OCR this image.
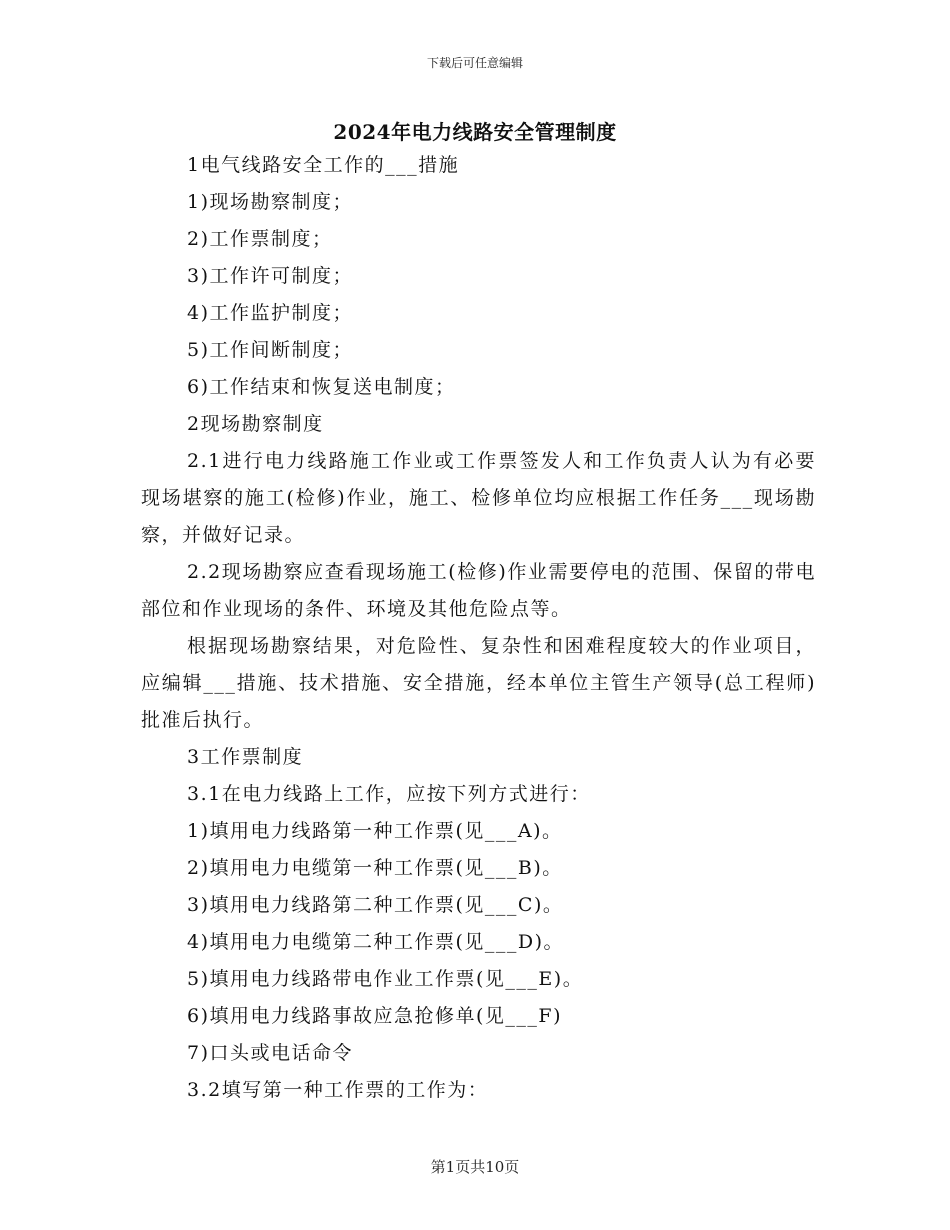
下载后可任意编辑
2024年电力线路安全管理制度

1电气线路安全工作的___措施

1)现场勘察制度；

2)工作票制度；

3)工作许可制度；

4)工作监护制度；

5)工作间断制度；

6)工作结束和恢复送电制度；

2现场勘察制度

2.1进行电力线路施工作业或工作票签发人和工作负责人认为有必要现场堪察的施工(检修)作业，施工、检修单位均应根据工作任务___现场勘察，并做好记录。

2.2现场勘察应查看现场施工(检修)作业需要停电的范围、保留的带电部位和作业现场的条件、环境及其他危险点等。

根据现场勘察结果，对危险性、复杂性和困难程度较大的作业项目，应编辑___措施、技术措施、安全措施，经本单位主管生产领导(总工程师)批准后执行。

3工作票制度

3.1在电力线路上工作，应按下列方式进行：

1)填用电力线路第一种工作票(见___A)。

2)填用电力电缆第一种工作票(见___B)。

3)填用电力线路第二种工作票(见___C)。

4)填用电力电缆第二种工作票(见___D)。

5)填用电力线路带电作业工作票(见___E)。

6)填用电力线路事故应急抢修单(见___F)

7)口头或电话命令

3.2填写第一种工作票的工作为：

第1页共10页
